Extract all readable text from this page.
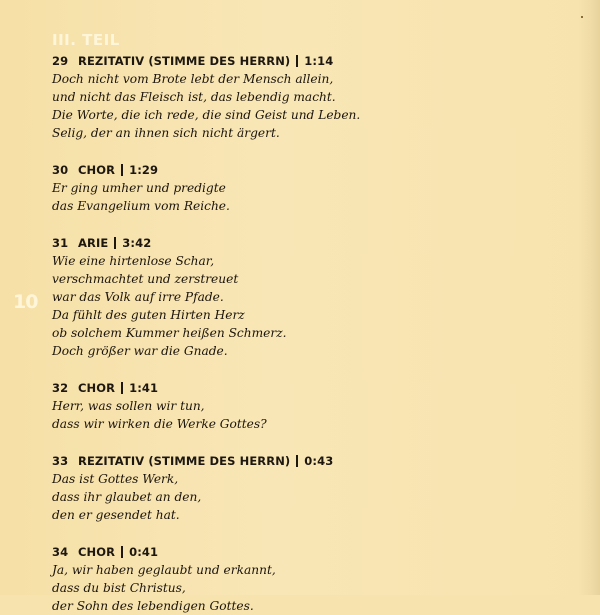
III. TEIL
10
29 REZITATIV (STIMME DES HERRN) 1:14
Doch nicht vom Brote lebt der Mensch allein,
und nicht das Fleisch ist, das lebendig macht.
Die Worte, die ich rede, die sind Geist und Leben.
Selig, der an ihnen sich nicht ärgert.
30 CHOR 1:29
Er ging umher und predigte
das Evangelium vom Reiche.
31 ARIE 3:42
Wie eine hirtenlose Schar,
verschmachtet und zerstreuet
war das Volk auf irre Pfade.
Da fühlt des guten Hirten Herz
ob solchem Kummer heißen Schmerz.
Doch größer war die Gnade.
32 CHOR 1:41
Herr, was sollen wir tun,
dass wir wirken die Werke Gottes?
33 REZITATIV (STIMME DES HERRN) 0:43
Das ist Gottes Werk,
dass ihr glaubet an den,
den er gesendet hat.
34 CHOR 0:41
Ja, wir haben geglaubt und erkannt,
dass du bist Christus,
der Sohn des lebendigen Gottes.
